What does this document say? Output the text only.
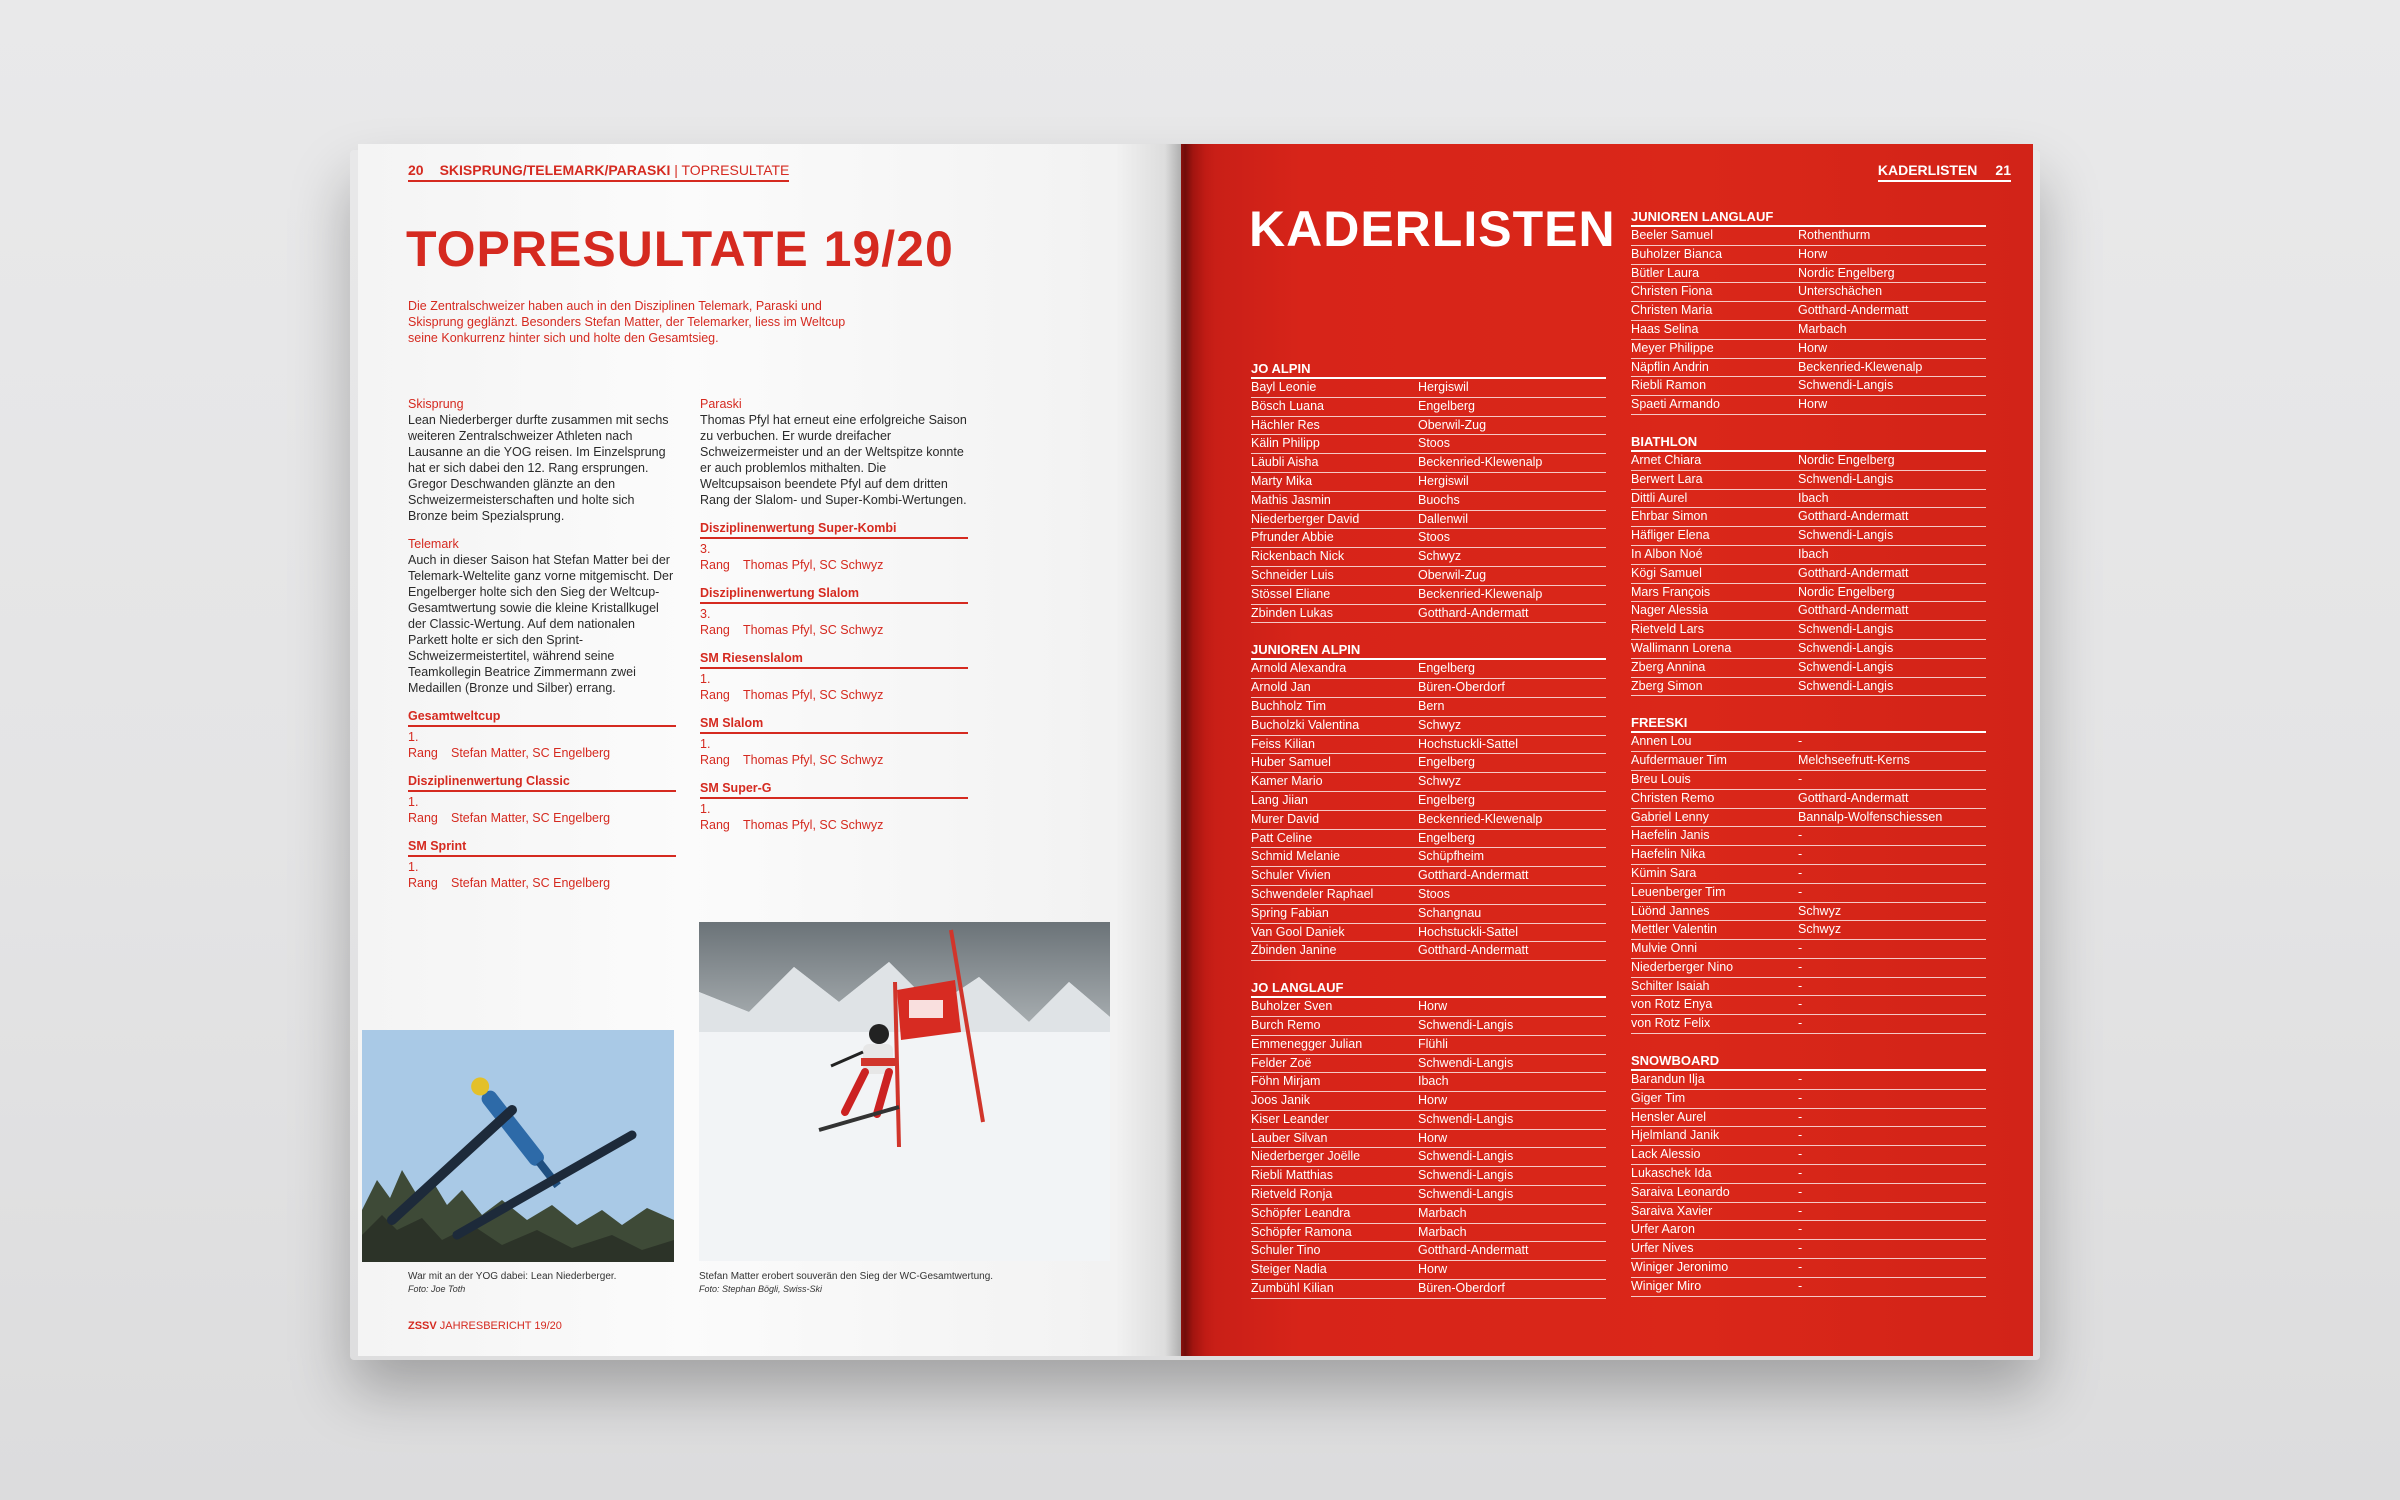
20 SKISPRUNG/TELEMARK/PARASKI | TOPRESULTATE
TOPRESULTATE 19/20
Die Zentralschweizer haben auch in den Disziplinen Telemark, Paraski und Skisprung geglänzt. Besonders Stefan Matter, der Telemarker, liess im Weltcup seine Konkurrenz hinter sich und holte den Gesamtsieg.
Skisprung

Lean Niederberger durfte zusammen mit sechs weiteren Zentralschweizer Athleten nach Lausanne an die YOG reisen. Im Einzelsprung hat er sich dabei den 12. Rang ersprungen. Gregor Deschwanden glänzte an den Schweizermeisterschaften und holte sich Bronze beim Spezialsprung.

Telemark

Auch in dieser Saison hat Stefan Matter bei der Telemark-Weltelite ganz vorne mitgemischt. Der Engelberger holte sich den Sieg der Weltcup-Gesamtwertung sowie die kleine Kristallkugel der Classic-Wertung. Auf dem nationalen Parkett holte er sich den Sprint-Schweizermeistertitel, während seine Teamkollegin Beatrice Zimmermann zwei Medaillen (Bronze und Silber) errang.

Gesamtweltcup
1. Rang Stefan Matter, SC Engelberg
Disziplinenwertung Classic
1. Rang Stefan Matter, SC Engelberg
SM Sprint
1. Rang Stefan Matter, SC Engelberg
Paraski

Thomas Pfyl hat erneut eine erfolgreiche Saison zu verbuchen. Er wurde dreifacher Schweizermeister und an der Weltspitze konnte er auch problemlos mithalten. Die Weltcupsaison beendete Pfyl auf dem dritten Rang der Slalom- und Super-Kombi-Wertungen.

Disziplinenwertung Super-Kombi
3. Rang Thomas Pfyl, SC Schwyz
Disziplinenwertung Slalom
3. Rang Thomas Pfyl, SC Schwyz
SM Riesenslalom
1. Rang Thomas Pfyl, SC Schwyz
SM Slalom
1. Rang Thomas Pfyl, SC Schwyz
SM Super-G
1. Rang Thomas Pfyl, SC Schwyz
War mit an der YOG dabei: Lean Niederberger.
Foto: Joe Toth
Stefan Matter erobert souverän den Sieg der WC-Gesamtwertung.
Foto: Stephan Bögli, Swiss-Ski
ZSSV JAHRESBERICHT 19/20
KADERLISTEN 21
KADERLISTEN
JO ALPIN
Bayl Leonie	Hergiswil
Bösch Luana	Engelberg
Hächler Res	Oberwil-Zug
Kälin Philipp	Stoos
Läubli Aisha	Beckenried-Klewenalp
Marty Mika	Hergiswil
Mathis Jasmin	Buochs
Niederberger David	Dallenwil
Pfrunder Abbie	Stoos
Rickenbach Nick	Schwyz
Schneider Luis	Oberwil-Zug
Stössel Eliane	Beckenried-Klewenalp
Zbinden Lukas	Gotthard-Andermatt
JUNIOREN ALPIN
Arnold Alexandra	Engelberg
Arnold Jan	Büren-Oberdorf
Buchholz Tim	Bern
Bucholzki Valentina	Schwyz
Feiss Kilian	Hochstuckli-Sattel
Huber Samuel	Engelberg
Kamer Mario	Schwyz
Lang Jiian	Engelberg
Murer David	Beckenried-Klewenalp
Patt Celine	Engelberg
Schmid Melanie	Schüpfheim
Schuler Vivien	Gotthard-Andermatt
Schwendeler Raphael	Stoos
Spring Fabian	Schangnau
Van Gool Daniek	Hochstuckli-Sattel
Zbinden Janine	Gotthard-Andermatt
JO LANGLAUF
Buholzer Sven	Horw
Burch Remo	Schwendi-Langis
Emmenegger Julian	Flühli
Felder Zoë	Schwendi-Langis
Föhn Mirjam	Ibach
Joos Janik	Horw
Kiser Leander	Schwendi-Langis
Lauber Silvan	Horw
Niederberger Joëlle	Schwendi-Langis
Riebli Matthias	Schwendi-Langis
Rietveld Ronja	Schwendi-Langis
Schöpfer Leandra	Marbach
Schöpfer Ramona	Marbach
Schuler Tino	Gotthard-Andermatt
Steiger Nadia	Horw
Zumbühl Kilian	Büren-Oberdorf
JUNIOREN LANGLAUF
Beeler Samuel	Rothenthurm
Buholzer Bianca	Horw
Bütler Laura	Nordic Engelberg
Christen Fiona	Unterschächen
Christen Maria	Gotthard-Andermatt
Haas Selina	Marbach
Meyer Philippe	Horw
Näpflin Andrin	Beckenried-Klewenalp
Riebli Ramon	Schwendi-Langis
Spaeti Armando	Horw
BIATHLON
Arnet Chiara	Nordic Engelberg
Berwert Lara	Schwendi-Langis
Dittli Aurel	Ibach
Ehrbar Simon	Gotthard-Andermatt
Häfliger Elena	Schwendi-Langis
In Albon Noé	Ibach
Kögi Samuel	Gotthard-Andermatt
Mars François	Nordic Engelberg
Nager Alessia	Gotthard-Andermatt
Rietveld Lars	Schwendi-Langis
Wallimann Lorena	Schwendi-Langis
Zberg Annina	Schwendi-Langis
Zberg Simon	Schwendi-Langis
FREESKI
Annen Lou	-
Aufdermauer Tim	Melchseefrutt-Kerns
Breu Louis	-
Christen Remo	Gotthard-Andermatt
Gabriel Lenny	Bannalp-Wolfenschiessen
Haefelin Janis	-
Haefelin Nika	-
Kümin Sara	-
Leuenberger Tim	-
Lüönd Jannes	Schwyz
Mettler Valentin	Schwyz
Mulvie Onni	-
Niederberger Nino	-
Schilter Isaiah	-
von Rotz Enya	-
von Rotz Felix	-
SNOWBOARD
Barandun Ilja	-
Giger Tim	-
Hensler Aurel	-
Hjelmland Janik	-
Lack Alessio	-
Lukaschek Ida	-
Saraiva Leonardo	-
Saraiva Xavier	-
Urfer Aaron	-
Urfer Nives	-
Winiger Jeronimo	-
Winiger Miro	-
